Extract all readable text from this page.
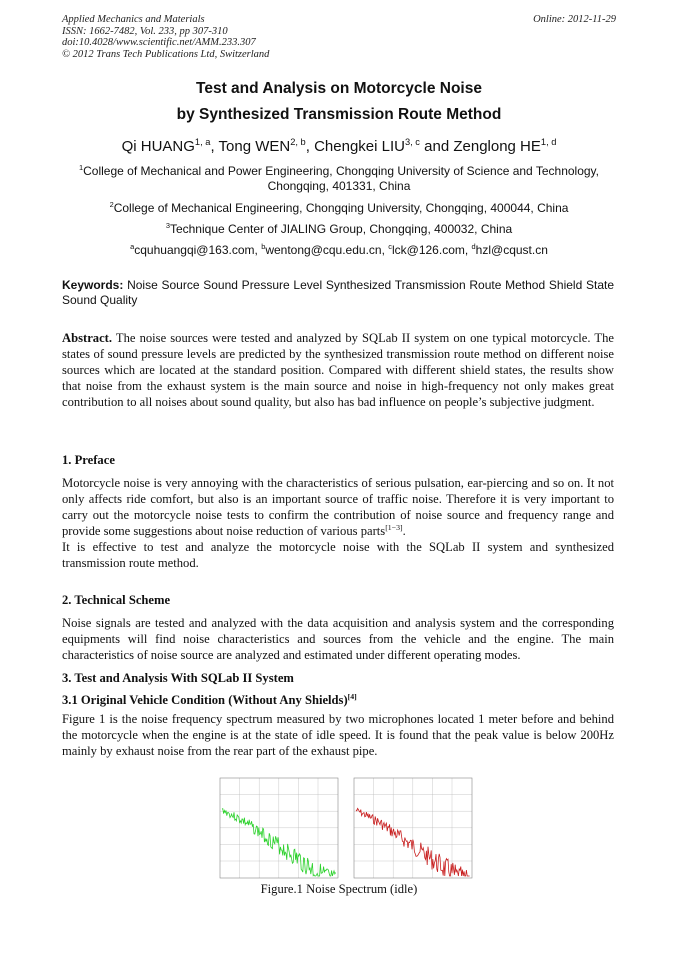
Applied Mechanics and Materials
ISSN: 1662-7482, Vol. 233, pp 307-310
doi:10.4028/www.scientific.net/AMM.233.307
© 2012 Trans Tech Publications Ltd, Switzerland
Online: 2012-11-29
Test and Analysis on Motorcycle Noise
by Synthesized Transmission Route Method
Qi HUANG$^{1, a}$, Tong WEN$^{2, b}$, Chengkei LIU$^{3, c}$ and Zenglong HE$^{1, d}$
$^1$College of Mechanical and Power Engineering, Chongqing University of Science and Technology,
Chongqing, 401331, China
$^2$College of Mechanical Engineering, Chongqing University, Chongqing, 400044, China
$^3$Technique Center of JIALING Group, Chongqing, 400032, China
$^a$cquhuangqi@163.com, $^b$wentong@cqu.edu.cn, $^c$lck@126.com, $^d$hzl@cqust.cn
Keywords: Noise Source Sound Pressure Level Synthesized Transmission Route Method Shield State Sound Quality
Abstract. The noise sources were tested and analyzed by SQLab II system on one typical motorcycle. The states of sound pressure levels are predicted by the synthesized transmission route method on different noise sources which are located at the standard position. Compared with different shield states, the results show that noise from the exhaust system is the main source and noise in high-frequency not only makes great contribution to all noises about sound quality, but also has bad influence on people’s subjective judgment.
1. Preface
Motorcycle noise is very annoying with the characteristics of serious pulsation, ear-piercing and so on. It not only affects ride comfort, but also is an important source of traffic noise. Therefore it is very important to carry out the motorcycle noise tests to confirm the contribution of noise source and frequency range and provide some suggestions about noise reduction of various parts[1−3].
It is effective to test and analyze the motorcycle noise with the SQLab II system and synthesized transmission route method.
2. Technical Scheme
Noise signals are tested and analyzed with the data acquisition and analysis system and the corresponding equipments will find noise characteristics and sources from the vehicle and the engine. The main characteristics of noise source are analyzed and estimated under different operating modes.
3. Test and Analysis With SQLab II System
3.1 Original Vehicle Condition (Without Any Shields)[4]
Figure 1 is the noise frequency spectrum measured by two microphones located 1 meter before and behind the motorcycle when the engine is at the state of idle speed. It is found that the peak value is below 200Hz mainly by exhaust noise from the rear part of the exhaust pipe.
Figure.1 Noise Spectrum (idle)
